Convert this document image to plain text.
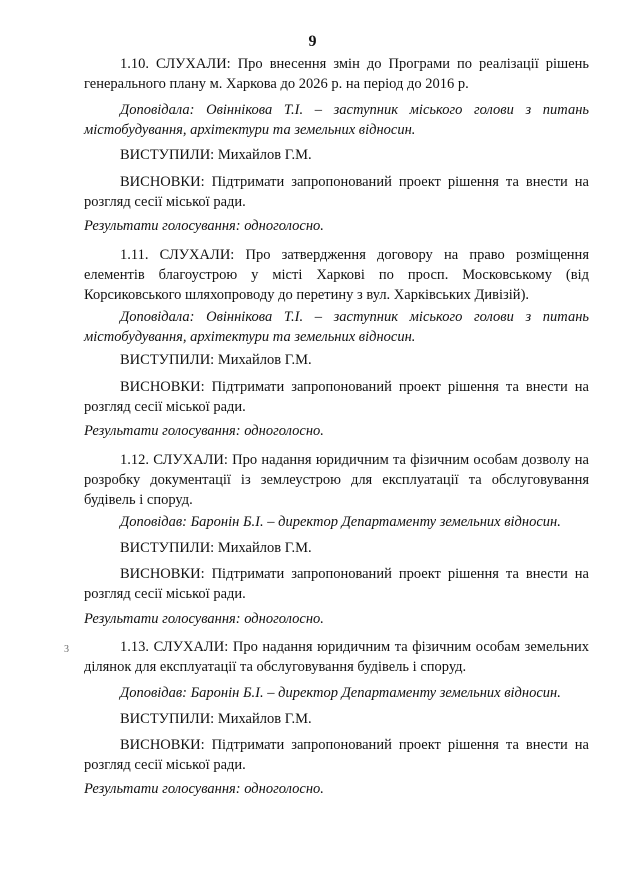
9
1.10. СЛУХАЛИ: Про внесення змін до Програми по реалізації рішень генерального плану м. Харкова до 2026 р. на період до 2016 р.
Доповідала: Овіннікова Т.І. – заступник міського голови з питань містобудування, архітектури та земельних відносин.
ВИСТУПИЛИ: Михайлов Г.М.
ВИСНОВКИ: Підтримати запропонований проект рішення та внести на розгляд сесії міської ради.
Результати голосування: одноголосно.
1.11. СЛУХАЛИ: Про затвердження договору на право розміщення елементів благоустрою у місті Харкові по просп. Московському (від Корсиковського шляхопроводу до перетину з вул. Харківських Дивізій).
Доповідала: Овіннікова Т.І. – заступник міського голови з питань містобудування, архітектури та земельних відносин.
ВИСТУПИЛИ: Михайлов Г.М.
ВИСНОВКИ: Підтримати запропонований проект рішення та внести на розгляд сесії міської ради.
Результати голосування: одноголосно.
1.12. СЛУХАЛИ: Про надання юридичним та фізичним особам дозволу на розробку документації із землеустрою для експлуатації та обслуговування будівель і споруд.
Доповідав: Баронін Б.І. – директор Департаменту земельних відносин.
ВИСТУПИЛИ: Михайлов Г.М.
ВИСНОВКИ: Підтримати запропонований проект рішення та внести на розгляд сесії міської ради.
Результати голосування: одноголосно.
1.13. СЛУХАЛИ: Про надання юридичним та фізичним особам земельних ділянок для експлуатації та обслуговування будівель і споруд.
Доповідав: Баронін Б.І. – директор Департаменту земельних відносин.
ВИСТУПИЛИ: Михайлов Г.М.
ВИСНОВКИ: Підтримати запропонований проект рішення та внести на розгляд сесії міської ради.
Результати голосування: одноголосно.
3
